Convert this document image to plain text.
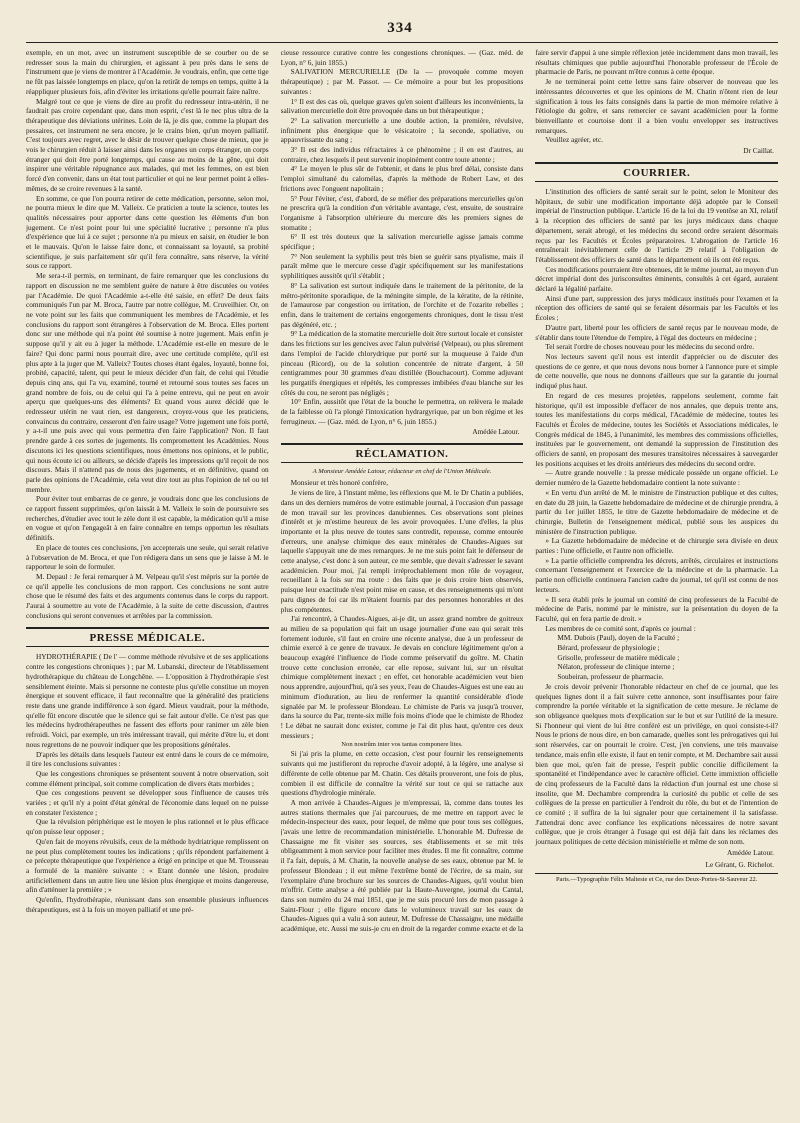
334

exemple, en un mot, avec un instrument susceptible de se courber ou de se redresser sous la main du chirurgien, et agissant à peu près dans le sens de l'instrument que je viens de montrer à l'Académie. Je voudrais, enfin, que cette tige ne fût pas laissée longtemps en place, qu'on la retirât de temps en temps, quitte à la réappliquer plusieurs fois, afin d'éviter les irritations qu'elle pourrait faire naître.

Malgré tout ce que je viens de dire au profit du redresseur intra-utérin, il ne faudrait pas croire cependant que, dans mon esprit, c'est là le nec plus ultra de la thérapeutique des déviations utérines. Loin de là, je dis que, comme la plupart des pessaires, cet instrument ne sera encore, je le crains bien, qu'un moyen palliatif. C'est toujours avec regret, avec le désir de trouver quelque chose de mieux, que je vois le chirurgien réduit à laisser ainsi dans les organes un corps étranger, un corps étranger qui doit être porté longtemps, qui cause au moins de la gêne, qui doit inspirer une véritable répugnance aux malades, qui met les femmes, on est bien forcé d'en convenir, dans un état tout particulier et qui ne leur permet point à elles-mêmes, de se croire revenues à la santé.

En somme, ce que l'on pourra retirer de cette médication, personne, selon moi, ne pourra mieux le dire que M. Valleix. Ce praticien a toute la science, toutes les qualités nécessaires pour apporter dans cette question les éléments d'un bon jugement. Ce n'est point pour lui une spécialité lucrative ; personne n'a plus d'expérience que lui à ce sujet ; personne n'a pu mieux en saisir, en étudier le bon et le mauvais. Qu'on le laisse faire donc, et connaissant sa loyauté, sa probité scientifique, je suis parfaitement sûr qu'il fera connaître, sans réserve, la vérité sous ce rapport.

Me sera-t-il permis, en terminant, de faire remarquer que les conclusions du rapport en discussion ne me semblent guère de nature à être discutées ou votées par l'Académie. De quoi l'Académie a-t-elle été saisie, en effet? De deux faits communiqués l'un par M. Broca, l'autre par notre collègue, M. Cruveilhier. Or, on ne vote point sur les faits que communiquent les membres de l'Académie, et les conclusions du rapport sont étrangères à l'observation de M. Broca. Elles portent donc sur une méthode qui n'a point été soumise à notre jugement. Mais enfin je suppose qu'il y ait eu à juger la méthode. L'Académie est-elle en mesure de le faire? Qui donc parmi nous pourrait dire, avec une certitude complète, qu'il est plus apte à la juger que M. Valleix? Toutes choses étant égales, loyauté, bonne foi, probité, capacité, talent, qui peut le mieux décider d'un fait, de celui qui l'étudie depuis cinq ans, qui l'a vu, examiné, tourné et retourné sous toutes ses faces un grand nombre de fois, ou de celui qui l'a à peine entrevu, qui ne peut en avoir aperçu que quelques-uns des éléments? Et quand vous aurez décidé que le redresseur utérin ne vaut rien, est dangereux, croyez-vous que les praticiens, convaincus du contraire, cesseront d'en faire usage? Votre jugement une fois porté, y a-t-il une puis avec qui vous permettra d'en faire l'application? Non. Il faut prendre garde à ces sortes de jugements. Ils compromettent les Académies. Nous discutons ici les questions scientifiques, nous émettons nos opinions, et le public, qui nous écoute ici ou ailleurs, se décide d'après les impressions qu'il reçoit de nos discours. Mais il n'attend pas de nous des jugements, et en définitive, quand on parle des opinions de l'Académie, cela veut dire tout au plus l'opinion de tel ou tel membre.

Pour éviter tout embarras de ce genre, je voudrais donc que les conclusions de ce rapport fussent supprimées, qu'on laissât à M. Valleix le soin de poursuivre ses recherches, d'étudier avec tout le zèle dont il est capable, la médication qu'il a mise en vogue et qu'on l'engageât à en faire connaître en temps opportun les résultats définitifs.

En place de toutes ces conclusions, j'en accepterais une seule, qui serait relative à l'observation de M. Broca, et que l'on rédigera dans un sens que je laisse à M. le rapporteur le soin de formuler.

M. Depaul : Je ferai remarquer à M. Velpeau qu'il s'est mépris sur la portée de ce qu'il appelle les conclusions de mon rapport. Ces conclusions ne sont autre chose que le résumé des faits et des arguments contenus dans le corps du rapport. J'aurai à soumettre au vote de l'Académie, à la suite de cette discussion, d'autres conclusions qui seront convenues et arrêtées par la commission.

PRESSE MÉDICALE.

HYDROTHÉRAPIE ( De l' — comme méthode révulsive et de ses applications contre les congestions chroniques ) ; par M. Lubanski, directeur de l'établissement hydrothérapique du château de Longchêne. — L'opposition à l'hydrothérapie s'est sensiblement éteinte. Mais si personne ne conteste plus qu'elle constitue un moyen énergique et souvent efficace, il faut reconnaître que la généralité des praticiens reste dans une grande indifférence à son égard. Mieux vaudrait, pour la méthode, qu'elle fût encore discutée que le silence qui se fait autour d'elle. Ce n'est pas que les médecins hydrothérapeuthes ne fassent des efforts pour ranimer un zèle bien refroidi. Voici, par exemple, un très intéressant travail, qui mérite d'être lu, et dont nous regrettons de ne pouvoir indiquer que les propositions générales.

D'après les détails dans lesquels l'auteur est entré dans le cours de ce mémoire, il tire les conclusions suivantes :

Que les congestions chroniques se présentent souvent à notre observation, soit comme élément principal, soit comme complication de divers états morbides ;

Que ces congestions peuvent se développer sous l'influence de causes très variées ; et qu'il n'y a point d'état général de l'économie dans lequel on ne puisse en constater l'existence ;

Que la révulsion périphérique est le moyen le plus rationnel et le plus efficace qu'on puisse leur opposer ;

Qu'en fait de moyens révulsifs, ceux de la méthode hydriatrique remplissent on ne peut plus complètement toutes les indications ; qu'ils répondent parfaitement à ce précepte thérapeutique que l'expérience a érigé en principe et que M. Trousseau a formulé de la manière suivante : « Etant donnée une lésion, produire artificiellement dans un autre lieu une lésion plus énergique et moins dangereuse, afin d'atténuer la première ; »

Qu'enfin, l'hydrothérapie, réunissant dans son ensemble plusieurs influences thérapeutiques, est à la fois un moyen palliatif et une pré-

cieuse ressource curative contre les congestions chroniques. — (Gaz. méd. de Lyon, n° 6, juin 1855.)

SALIVATION MERCURIELLE (De la — provoquée comme moyen thérapeutique) ; par M. Passot. — Ce mémoire a pour but les propositions suivantes :

1° Il est des cas où, quelque graves qu'en soient d'ailleurs les inconvénients, la salivation mercurielle doit être provoquée dans un but thérapeutique ;

2° La salivation mercurielle a une double action, la première, révulsive, infiniment plus énergique que le vésicatoire ; la seconde, spoliative, ou appauvrissante du sang ;

3° Il est des individus réfractaires à ce phénomène ; il en est d'autres, au contraire, chez lesquels il peut survenir inopinément contre toute attente ;

4° Le moyen le plus sûr de l'obtenir, et dans le plus bref délai, consiste dans l'emploi simultané du calomélas, d'après la méthode de Robert Law, et des frictions avec l'onguent napolitain ;

5° Pour l'éviter, c'est, d'abord, de se méfier des préparations mercurielles qu'on ne prescrira qu'à la condition d'un véritable avantage, c'est, ensuite, de soustraire l'organisme à l'absorption ultérieure du mercure dès les premiers signes de stomatite ;

6° Il est très douteux que la salivation mercurielle agisse jamais comme spécifique ;

7° Non seulement la syphilis peut très bien se guérir sans ptyalisme, mais il paraît même que le mercure cesse d'agir spécifiquement sur les manifestations syphilitiques aussitôt qu'il s'établit ;

8° La salivation est surtout indiquée dans le traitement de la péritonite, de la métro-péritonite sporadique, de la méningite simple, de la kératite, de la rétinite, de l'amaurose par congestion ou irritation, de l'orchite et de l'ozarite rebelles ; enfin, dans le traitement de certains engorgements chroniques, dont le tissu n'est pas dégénéré, etc. ;

9° La médication de la stomatite mercurielle doit être surtout locale et consister dans les frictions sur les gencives avec l'alun pulvérisé (Velpeau), ou plus sûrement dans l'emploi de l'acide chlorydrique pur porté sur la muqueuse à l'aide d'un pinceau (Ricord), ou de la solution concentrée de nitrate d'argent, à 50 centigrammes pour 30 grammes d'eau distillée (Bouchacourt). Comme adjuvant les purgatifs énergiques et répétés, les compresses imbibées d'eau blanche sur les côtés du cou, ne seront pas négligés ;

10° Enfin, aussitôt que l'état de la bouche le permettra, on relèvera le malade de la faiblesse où l'a plongé l'intoxication hydrargyrique, par un bon régime et les ferrugineux. — (Gaz. méd. de Lyon, n° 6, juin 1855.)

Amédée Latour.
RÉCLAMATION.
A Monsieur Amédée Latour, rédacteur en chef de l'Union Médicale.

Monsieur et très honoré confrère,

Je viens de lire, à l'instant même, les réflexions que M. le Dr Chatin a publiées, dans un des derniers numéros de votre estimable journal, à l'occasion d'un passage de mon travail sur les provinces danubiennes. Ces observations sont pleines d'intérêt et je m'estime heureux de les avoir provoquées. L'une d'elles, la plus importante et la plus neuve de toutes sans contredit, repousse, comme entourée d'erreurs, une analyse chimique des eaux minérales de Chaudes-Aigues sur laquelle s'appuyait une de mes remarques. Je ne me suis point fait le défenseur de cette analyse, c'est donc à son auteur, ce me semble, que devait s'adresser le savant académicien. Pour moi, j'ai rempli irréprochablement mon rôle de voyageur, recueillant à la fois sur ma route : des faits que je dois croire bien observés, puisque leur exactitude n'est point mise en cause, et des renseignements qui m'ont paru dignes de foi car ils m'étaient fournis par des personnes honorables et des plus compétentes.

J'ai rencontré, à Chaudes-Aigues, ai-je dit, un assez grand nombre de goitreux au milieu de sa population qui fait un usage journalier d'une eau qui serait très fortement iodurée, s'il faut en croire une récente analyse, due à un professeur de chimie exercé à ce genre de travaux. Je devais en conclure légitimement qu'on a beaucoup exagéré l'influence de l'iode comme préservatif du goître. M. Chatin trouve cette conclusion erronée, car elle repose, suivant lui, sur un résultat chimique complètement inexact ; en effet, cet honorable académicien veut bien nous apprendre, aujourd'hui, qu'à ses yeux, l'eau de Chaudes-Aigues est une eau au minimum d'ioduration, au lieu de renfermer la quantité considérable d'iode signalée par M. le professeur Blondeau. Le chimiste de Paris va jusqu'à trouver, dans la source du Par, trente-six mille fois moins d'iode que le chimiste de Rhodez ! Le débat ne saurait donc exister, comme je l'ai dit plus haut, qu'entre ces deux messieurs ;

Non nostrûm inter vos tantas componere lites.

Si j'ai pris la plume, en cette occasion, c'est pour fournir les renseignements suivants qui me justifieront du reproche d'avoir adopté, à la légère, une analyse si différente de celle obtenue par M. Chatin. Ces détails prouveront, une fois de plus, combien il est difficile de connaître la vérité sur tout ce qui se rattache aux questions d'hydrologie minérale.

A mon arrivée à Chaudes-Aigues je m'empressai, là, comme dans toutes les autres stations thermales que j'ai parcourues, de me mettre en rapport avec le médecin-inspecteur des eaux, pour lequel, de même que pour tous ses collègues, j'avais une lettre de recommandation ministérielle. L'honorable M. Dufresse de Chassaigne me fit visiter ses sources, ses établissements et se mit très obligeamment à mon service pour faciliter mes études. Il me fit connaître, comme il l'a fait, depuis, à M. Chatin, la nouvelle analyse de ses eaux, obtenue par M. le professeur Blondeau ; il eut même l'extrême bonté de l'écrire, de sa main, sur l'exemplaire d'une brochure sur les sources de Chaudes-Aigues, qu'il voulut bien m'offrir. Cette analyse a été publiée par la Haute-Auvergne, journal du Cantal, dans son numéro du 24 mai 1851, que je me suis procuré lors de mon passage à Saint-Flour ; elle figure encore dans le volumineux travail sur les eaux de Chaudes-Aigues qui a valu à son auteur, M. Dufresse de Chassaigne, une médaille académique, etc. Aussi me suis-je cru en droit de la regarder comme exacte et de la

faire servir d'appui à une simple réflexion jetée incidemment dans mon travail, les résultats chimiques que publie aujourd'hui l'honorable professeur de l'École de pharmacie de Paris, ne pouvant m'être connus à cette époque.

Je ne terminerai point cette lettre sans faire observer de nouveau que les intéressantes découvertes et que les opinions de M. Chatin n'ôtent rien de leur signification à tous les faits consignés dans la partie de mon mémoire relative à l'étiologie du goître, et sans remercier ce savant académicien pour la forme bienveillante et courtoise dont il a bien voulu envelopper ses instructives remarques.

Veuillez agréer, etc.

Dr Caillat.
COURRIER.

L'institution des officiers de santé serait sur le point, selon le Moniteur des hôpitaux, de subir une modification importante déjà adoptée par le Conseil impérial de l'instruction publique. L'article 16 de la loi du 19 ventôse an XI, relatif à la réception des officiers de santé par les jurys médicaux dans chaque département, serait abrogé, et les médecins du second ordre seraient désormais reçus par les Facultés et Écoles préparatoires. L'abrogation de l'article 16 entraînerait inévitablement celle de l'article 29 relatif à l'obligation de l'établissement des officiers de santé dans le département où ils ont été reçus.

Ces modifications pourraient être obtenues, dit le même journal, au moyen d'un décret impérial dont des jurisconsultes éminents, consultés à cet égard, auraient déclaré la légalité parfaite.

Ainsi d'une part, suppression des jurys médicaux institués pour l'examen et la réception des officiers de santé qui se feraient désormais par les Facultés et les Écoles ;

D'autre part, liberté pour les officiers de santé reçus par le nouveau mode, de s'établir dans toute l'étendue de l'empire, à l'égal des docteurs en médecine ;

Tel serait l'ordre de choses nouveau pour les médecins du second ordre.

Nos lecteurs savent qu'il nous est interdit d'apprécier ou de discuter des questions de ce genre, et que nous devons nous borner à l'annonce pure et simple de cette nouvelle, que nous ne donnons d'ailleurs que sur la garantie du journal indiqué plus haut.

En regard de ces mesures projetées, rappelons seulement, comme fait historique, qu'il est impossible d'effacer de nos annales, que depuis trente ans, toutes les manifestations du corps médical, l'Académie de médecine, toutes les Facultés et Écoles de médecine, toutes les Sociétés et Associations médicales, le Congrès médical de 1845, à l'unanimité, les membres des commissions officielles, instituées par le gouvernement, ont demandé la suppression de l'institution des officiers de santé, en proposant des mesures transitoires nécessaires à sauvegarder les positions acquises et les droits antérieurs des médecins du second ordre.

— Autre grande nouvelle : la presse médicale possède un organe officiel. Le dernier numéro de la Gazette hebdomadaire contient la note suivante :

« En vertu d'un arrêté de M. le ministre de l'instruction publique et des cultes, en date du 28 juin, la Gazette hebdomadaire de médecine et de chirurgie prendra, à partir du 1er juillet 1855, le titre de Gazette hebdomadaire de médecine et de chirurgie, Bulletin de l'enseignement médical, publié sous les auspices du ministère de l'instruction publique.

» La Gazette hebdomadaire de médecine et de chirurgie sera divisée en deux parties : l'une officielle, et l'autre non officielle.

» La partie officielle comprendra les décrets, arrêtés, circulaires et instructions concernant l'enseignement et l'exercice de la médecine et de la pharmacie. La partie non officielle continuera l'ancien cadre du journal, tel qu'il est connu de nos lecteurs.

» Il sera établi près le journal un comité de cinq professeurs de la Faculté de médecine de Paris, nommé par le ministre, sur la présentation du doyen de la Faculté, qui en fera partie de droit. »

Les membres de ce comité sont, d'après ce journal :

MM. Dubois (Paul), doyen de la Faculté ;
Bérard, professeur de physiologie ;
Grisolle, professeur de matière médicale ;
Nélaton, professeur de clinique interne ;
Soubeiran, professeur de pharmacie.

Je crois devoir prévenir l'honorable rédacteur en chef de ce journal, que les quelques lignes dont il a fait suivre cette annonce, sont insuffisantes pour faire comprendre la portée véritable et la signification de cette mesure. Je réclame de son obligeance quelques mots d'explication sur le but et sur l'utilité de la mesure. Si l'honneur qui vient de lui être conféré est un privilège, en quoi consiste-t-il? Nous le prions de nous dire, en bon camarade, quelles sont les prérogatives qui lui sont réservées, car on pourrait le croire. C'est, j'en conviens, une très mauvaise tendance, mais enfin elle existe, il faut en tenir compte, et M. Dechambre sait aussi bien que moi, qu'en fait de presse, l'esprit public concilie difficilement la spontanéité et l'indépendance avec le caractère officiel. Cette immixtion officielle de cinq professeurs de la Faculté dans la rédaction d'un journal est une chose si insolite, que M. Dechambre comprendra la curiosité du public et celle de ses collègues de la presse en particulier à l'endroit du rôle, du but et de l'intention de ce comité ; il suffira de la lui signaler pour que certainement il la satisfasse. J'attendrai donc avec confiance les explications nécessaires de notre savant collègue, que je crois étranger à l'usage qui est déjà fait dans les réclames des journaux politiques de cette décision ministérielle et même de son nom.

Amédée Latour.
Le Gérant, G. Richelot.
Paris.—Typographie Félix Malteste et Ce, rue des Deux-Portes-St-Sauveur 22.
